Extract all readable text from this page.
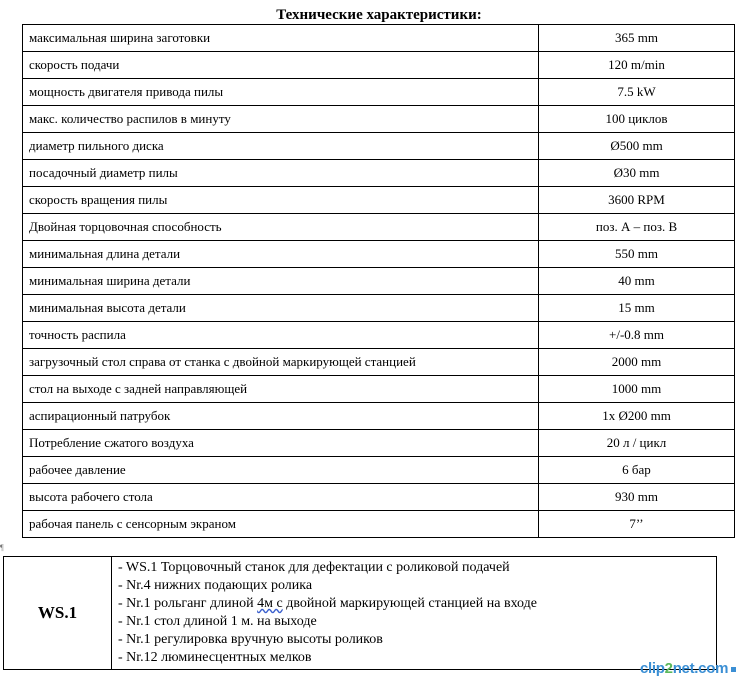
Технические характеристики:
максимальная ширина заготовки	365 mm
скорость подачи	120 m/min
мощность двигателя привода пилы	7.5 kW
макс. количество распилов в минуту	100 циклов
диаметр пильного диска	Ø500 mm
посадочный диаметр пилы	Ø30 mm
скорость вращения пилы	3600 RPM
Двойная торцовочная способность	поз. А – поз. В
минимальная длина детали	550 mm
минимальная ширина детали	40 mm
минимальная высота детали	15 mm
точность распила	+/-0.8 mm
загрузочный стол справа от станка с двойной маркирующей станцией	2000 mm
стол на выходе с задней направляющей	1000 mm
аспирационный патрубок	1x Ø200 mm
Потребление сжатого воздуха	20 л / цикл
рабочее давление	6 бар
высота рабочего стола	930 mm
рабочая панель с сенсорным экраном	7’’
¶
WS.1	
- WS.1 Торцовочный станок для дефектации с роликовой подачей
- Nr.4 нижних подающих ролика
- Nr.1 рольганг длиной 4м с двойной маркирующей станцией на входе
- Nr.1 стол длиной 1 м. на выходе
- Nr.1 регулировка вручную высоты роликов
- Nr.12 люминесцентных мелков
clip2net.com
